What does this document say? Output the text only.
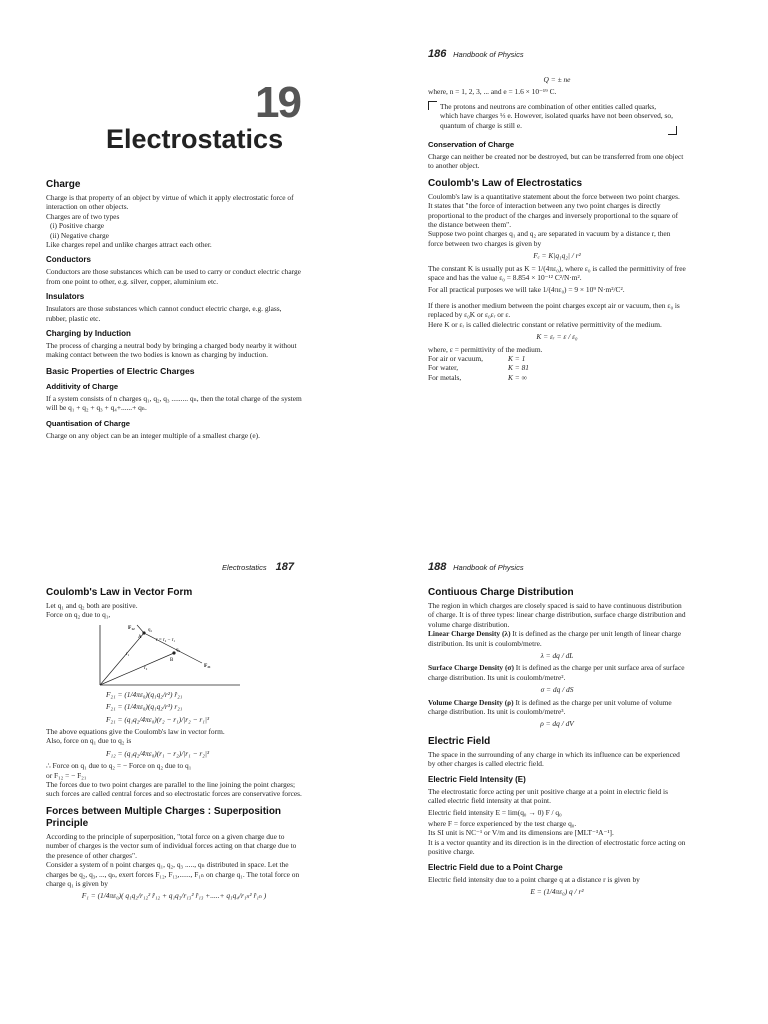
19
Electrostatics
Charge

Charge is that property of an object by virtue of which it apply electrostatic force of interaction on other objects.

Charges are of two types

(i) Positive charge

(ii) Negative charge

Like charges repel and unlike charges attract each other.

Conductors

Conductors are those substances which can be used to carry or conduct electric charge from one point to other, e.g. silver, copper, aluminium etc.

Insulators

Insulators are those substances which cannot conduct electric charge, e.g. glass, rubber, plastic etc.

Charging by Induction

The process of charging a neutral body by bringing a charged body nearby it without making contact between the two bodies is known as charging by induction.

Basic Properties of Electric Charges
Additivity of Charge

If a system consists of n charges q₁, q₂, q₃ ......... qₙ, then the total charge of the system will be q₁ + q₂ + q₃ + q₄+......+ qₙ.

Quantisation of Charge

Charge on any object can be an integer multiple of a smallest charge (e).

186 Handbook of Physics
Q = ± ne

where, n = 1, 2, 3, ... and e = 1.6 × 10⁻¹⁹ C.

The protons and neutrons are combination of other entities called quarks, which have charges ⅓ e. However, isolated quarks have not been observed, so, quantum of charge is still e.

Conservation of Charge

Charge can neither be created nor be destroyed, but can be transferred from one object to another object.

Coulomb's Law of Electrostatics

Coulomb's law is a quantitative statement about the force between two point charges. It states that "the force of interaction between any two point charges is directly proportional to the product of the charges and inversely proportional to the square of the distance between them".

Suppose two point charges q₁ and q₂ are separated in vacuum by a distance r, then force between two charges is given by

Fₑ = K|q₁q₂| / r²

The constant K is usually put as K = 1/(4πε₀), where ε₀ is called the permittivity of free space and has the value ε₀ = 8.854 × 10⁻¹² C²/N·m².

For all practical purposes we will take 1/(4πε₀) = 9 × 10⁹ N·m²/C².

If there is another medium between the point charges except air or vacuum, then ε₀ is replaced by ε₀K or ε₀εᵣ or ε.

Here K or εᵣ is called dielectric constant or relative permittivity of the medium.

K = εᵣ = ε / ε₀

where, ε = permittivity of the medium.

For air or vacuum,	K = 1
For water,	K = 81
For metals,	K = ∞
Electrostatics 187
Coulomb's Law in Vector Form

Let q₁ and q₂ both are positive.

Force on q₂ due to q₁,

F₁₂	q₁
A
r = r₂ − r₁
q₂
B
r₁
r₂	F₂₁
F₂₁ = (1/4πε₀)(q₁q₂/r²) r̂₂₁
F₂₁ = (1/4πε₀)(q₁q₂/r³) r₂₁
F₂₁ = (q₁q₂/4πε₀)(r₂ − r₁)/|r₂ − r₁|³

The above equations give the Coulomb's law in vector form.

Also, force on q₁ due to q₂ is

F₁₂ = (q₁q₂/4πε₀)(r₁ − r₂)/|r₁ − r₂|³

∴ Force on q₁ due to q₂ = − Force on q₂ due to q₁

or F₁₂ = − F₂₁

The forces due to two point charges are parallel to the line joining the point charges; such forces are called central forces and so electrostatic forces are conservative forces.

Forces between Multiple Charges : Superposition Principle

According to the principle of superposition, "total force on a given charge due to number of charges is the vector sum of individual forces acting on that charge due to the presence of other charges".

Consider a system of n point charges q₁, q₂, q₃ ....., qₙ distributed in space. Let the charges be q₂, q₃, ..., qₙ, exert forces F₁₂, F₁₃,......, F₁ₙ on charge q₁. The total force on charge q₁ is given by

F₁ = (1/4πε₀)( q₁q₂/r₁₂² r̂₁₂ + q₁q₃/r₁₃² r̂₁₃ +.....+ q₁q₄/r₁ₙ² r̂₁ₙ )
188 Handbook of Physics
Contiuous Charge Distribution

The region in which charges are closely spaced is said to have continuous distribution of charge. It is of three types: linear charge distribution, surface charge distribution and volume charge distribution.

Linear Charge Density (λ) It is defined as the charge per unit length of linear charge distribution. Its unit is coulomb/metre.

λ = dq / dL

Surface Charge Density (σ) It is defined as the charge per unit surface area of surface charge distribution. Its unit is coulomb/metre².

σ = dq / dS

Volume Charge Density (ρ) It is defined as the charge per unit volume of volume charge distribution. Its unit is coulomb/metre³.

ρ = dq / dV
Electric Field

The space in the surrounding of any charge in which its influence can be experienced by other charges is called electric field.

Electric Field Intensity (E)

The electrostatic force acting per unit positive charge at a point in electric field is called electric field intensity at that point.

Electric field intensity E = lim(q₀ → 0) F / q₀

where F = force experienced by the test charge q₀.

Its SI unit is NC⁻¹ or V/m and its dimensions are [MLT⁻³A⁻¹].

It is a vector quantity and its direction is in the direction of electrostatic force acting on positive charge.

Electric Field due to a Point Charge

Electric field intensity due to a point charge q at a distance r is given by

E = (1/4πε₀) q / r²
